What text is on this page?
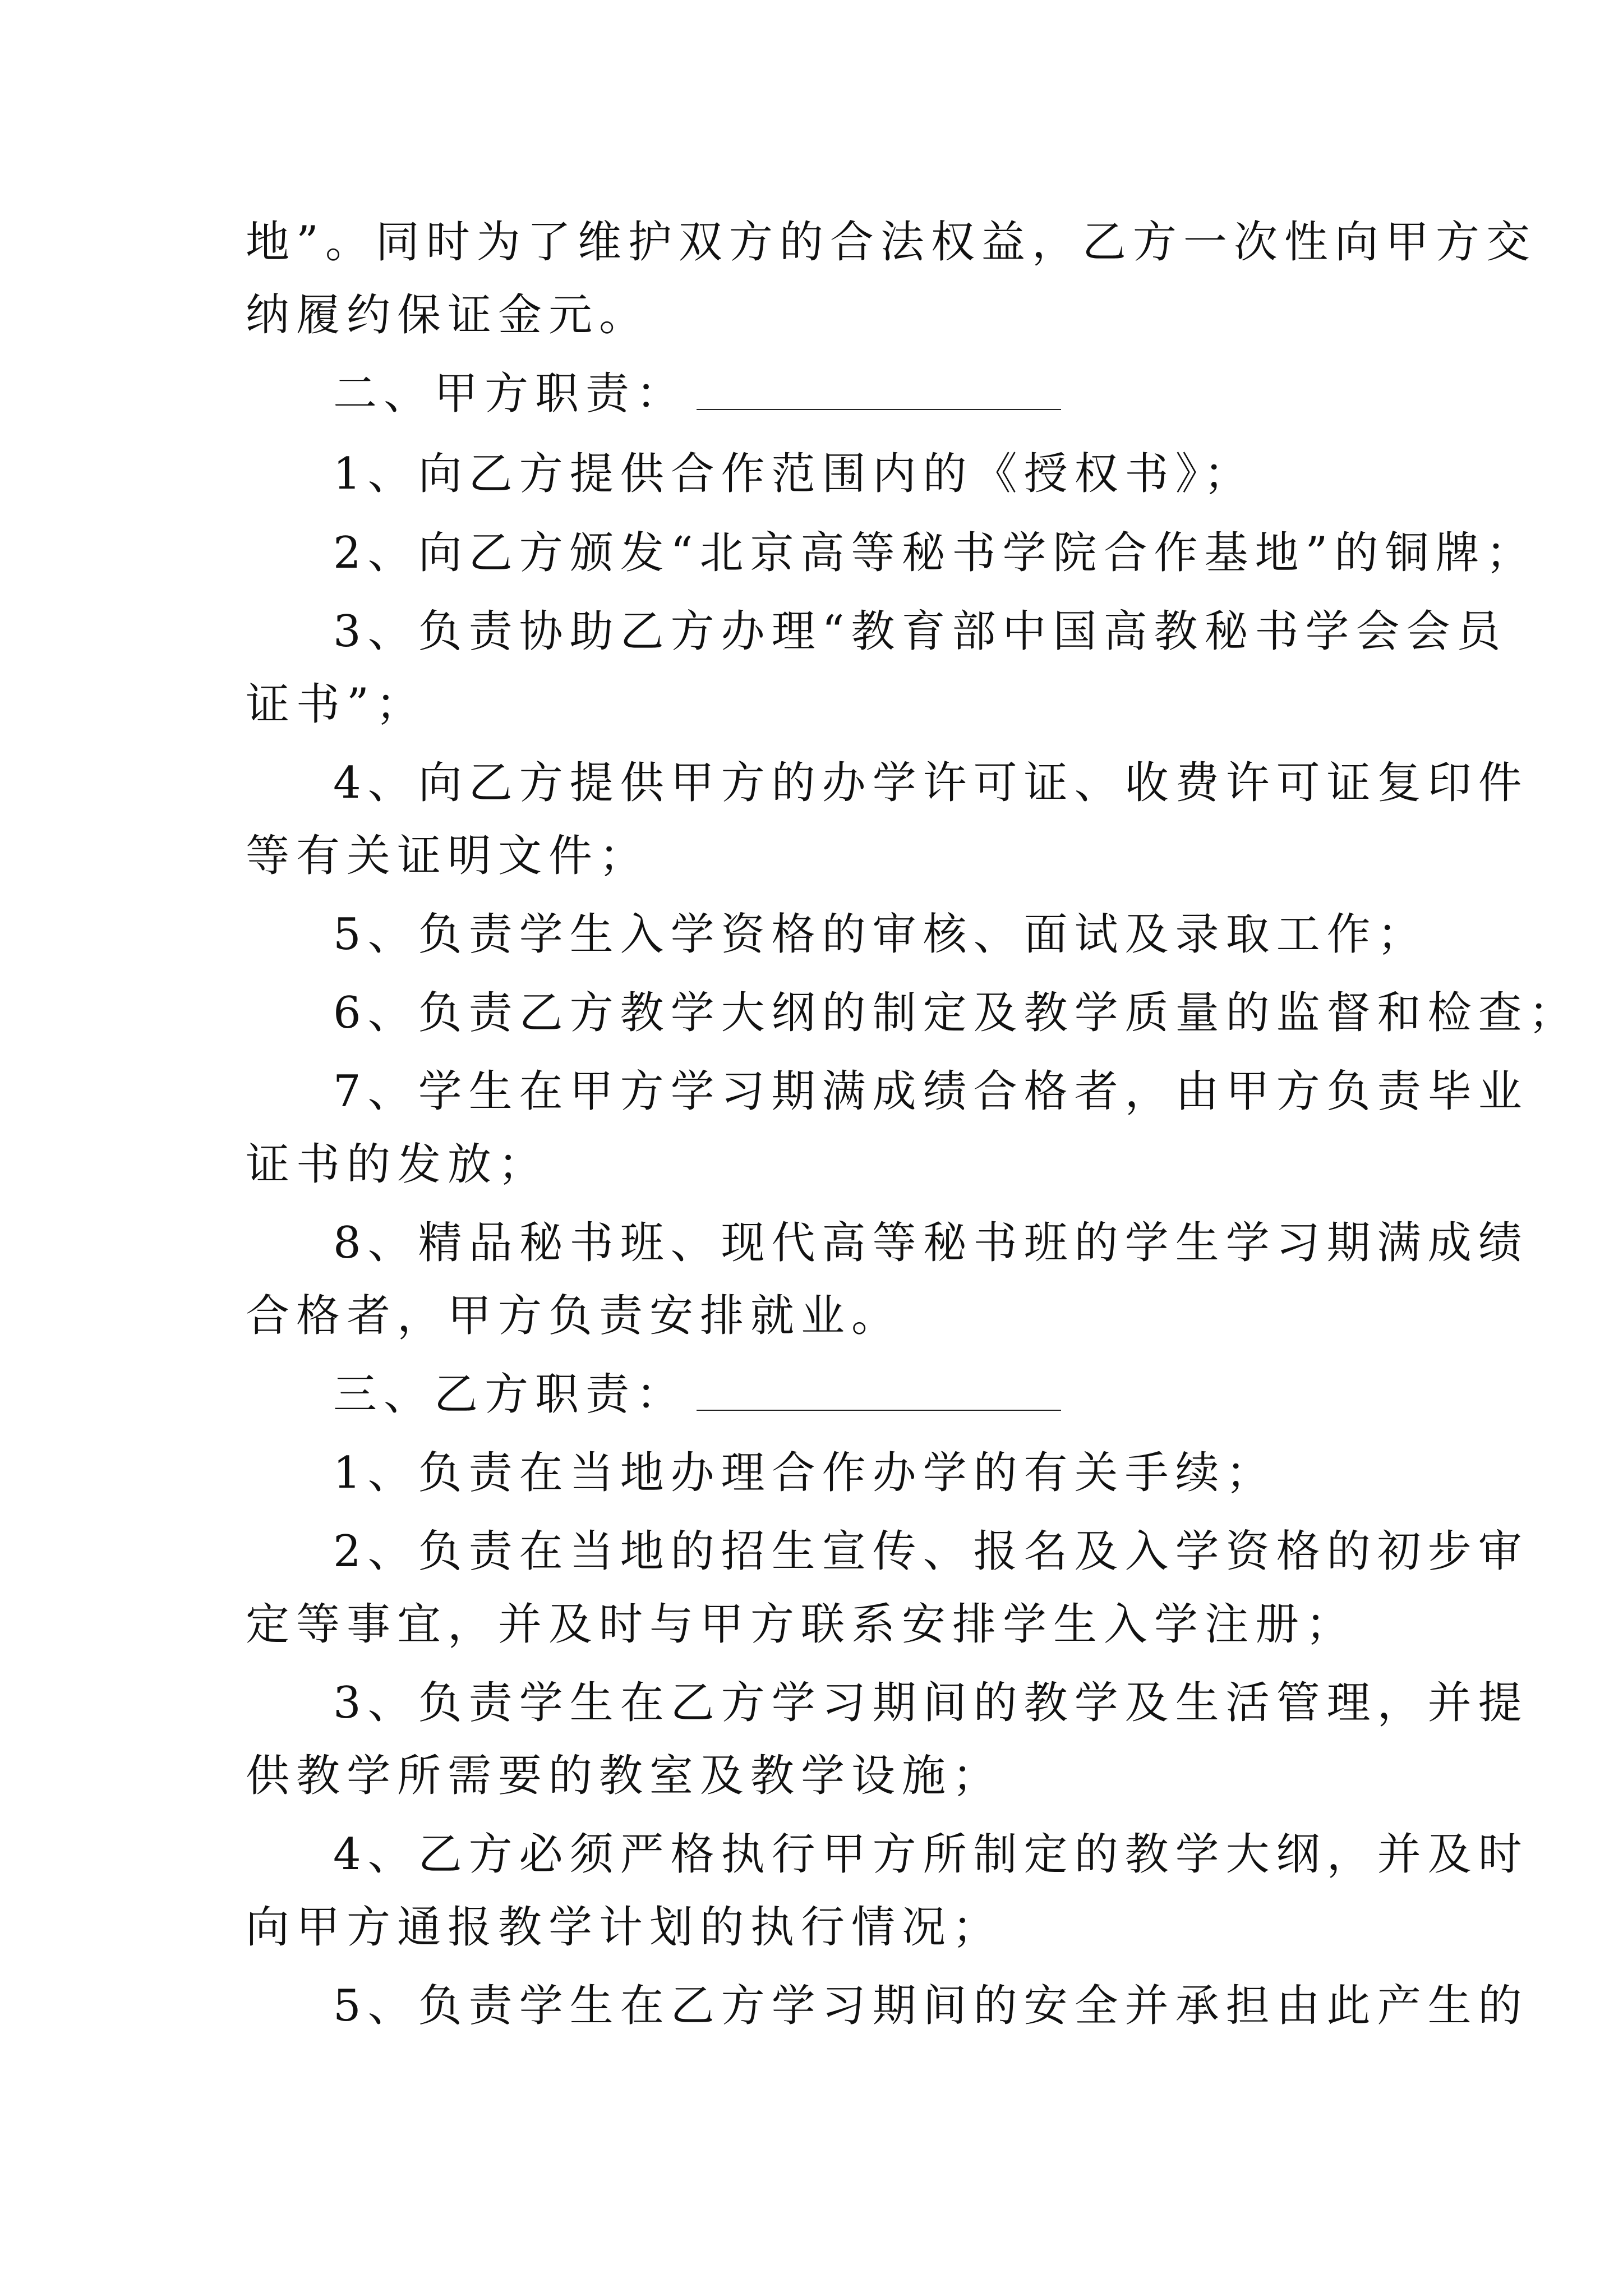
地”。同时为了维护双方的合法权益，乙方一次性向甲方交
纳履约保证金元。
二、甲方职责：
1、向乙方提供合作范围内的《授权书》；
2、向乙方颁发“北京高等秘书学院合作基地”的铜牌；
3、负责协助乙方办理“教育部中国高教秘书学会会员
证书”；
4、向乙方提供甲方的办学许可证、收费许可证复印件
等有关证明文件；
5、负责学生入学资格的审核、面试及录取工作；
6、负责乙方教学大纲的制定及教学质量的监督和检查；
7、学生在甲方学习期满成绩合格者，由甲方负责毕业
证书的发放；
8、精品秘书班、现代高等秘书班的学生学习期满成绩
合格者，甲方负责安排就业。
三、乙方职责：
1、负责在当地办理合作办学的有关手续；
2、负责在当地的招生宣传、报名及入学资格的初步审
定等事宜，并及时与甲方联系安排学生入学注册；
3、负责学生在乙方学习期间的教学及生活管理，并提
供教学所需要的教室及教学设施；
4、乙方必须严格执行甲方所制定的教学大纲，并及时
向甲方通报教学计划的执行情况；
5、负责学生在乙方学习期间的安全并承担由此产生的
